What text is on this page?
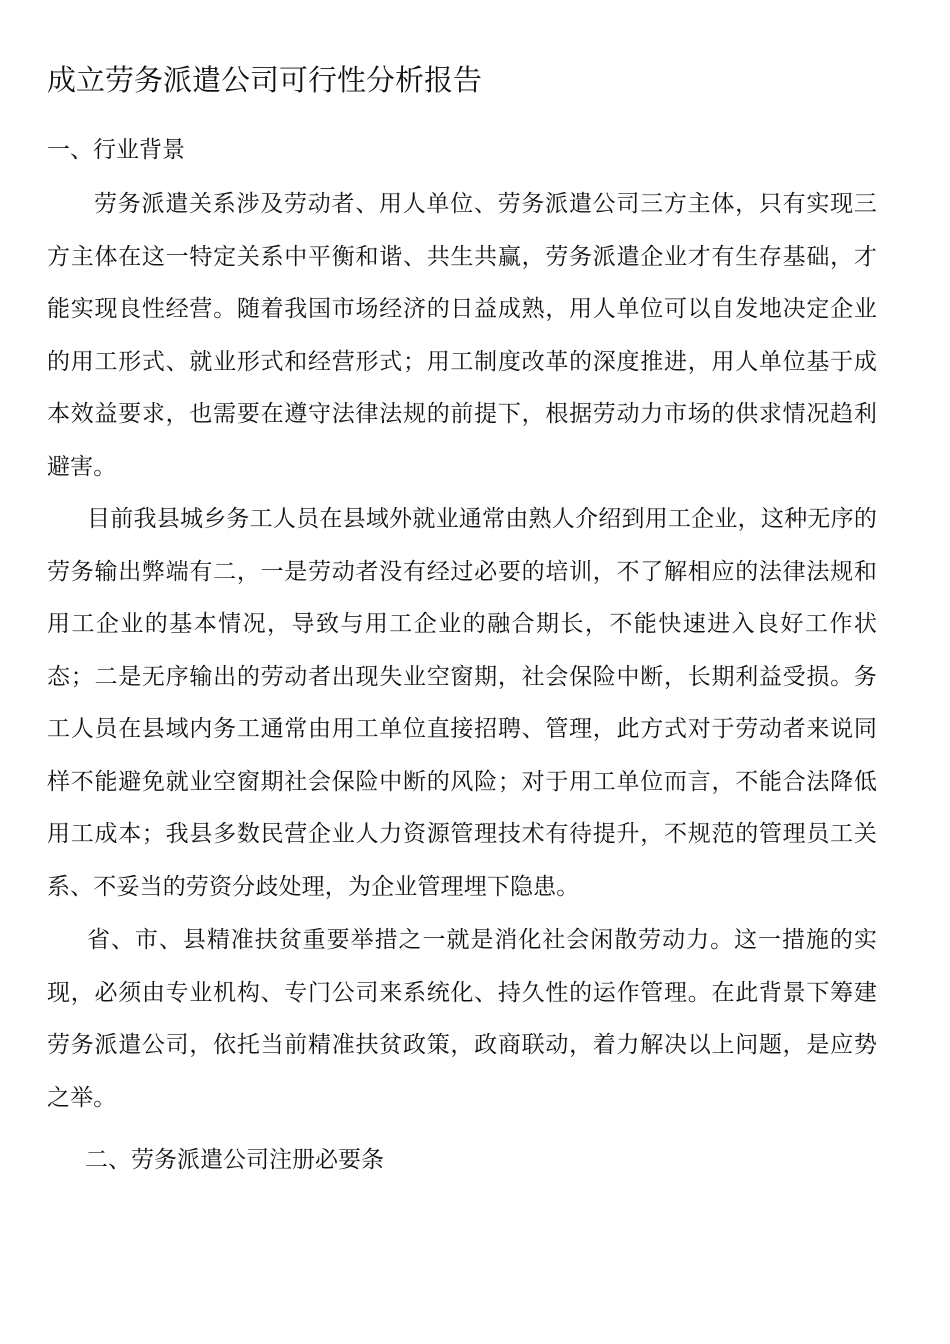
成立劳务派遣公司可行性分析报告
一、行业背景

劳务派遣关系涉及劳动者、用人单位、劳务派遣公司三方主体，只有实现三方主体在这一特定关系中平衡和谐、共生共赢，劳务派遣企业才有生存基础，才能实现良性经营。随着我国市场经济的日益成熟，用人单位可以自发地决定企业的用工形式、就业形式和经营形式；用工制度改革的深度推进，用人单位基于成本效益要求，也需要在遵守法律法规的前提下，根据劳动力市场的供求情况趋利避害。

目前我县城乡务工人员在县域外就业通常由熟人介绍到用工企业，这种无序的劳务输出弊端有二，一是劳动者没有经过必要的培训，不了解相应的法律法规和用工企业的基本情况，导致与用工企业的融合期长，不能快速进入良好工作状态；二是无序输出的劳动者出现失业空窗期，社会保险中断，长期利益受损。务工人员在县域内务工通常由用工单位直接招聘、管理，此方式对于劳动者来说同样不能避免就业空窗期社会保险中断的风险；对于用工单位而言，不能合法降低用工成本；我县多数民营企业人力资源管理技术有待提升，不规范的管理员工关系、不妥当的劳资分歧处理，为企业管理埋下隐患。

省、市、县精准扶贫重要举措之一就是消化社会闲散劳动力。这一措施的实现，必须由专业机构、专门公司来系统化、持久性的运作管理。在此背景下筹建劳务派遣公司，依托当前精准扶贫政策，政商联动，着力解决以上问题，是应势之举。

二、劳务派遣公司注册必要条
